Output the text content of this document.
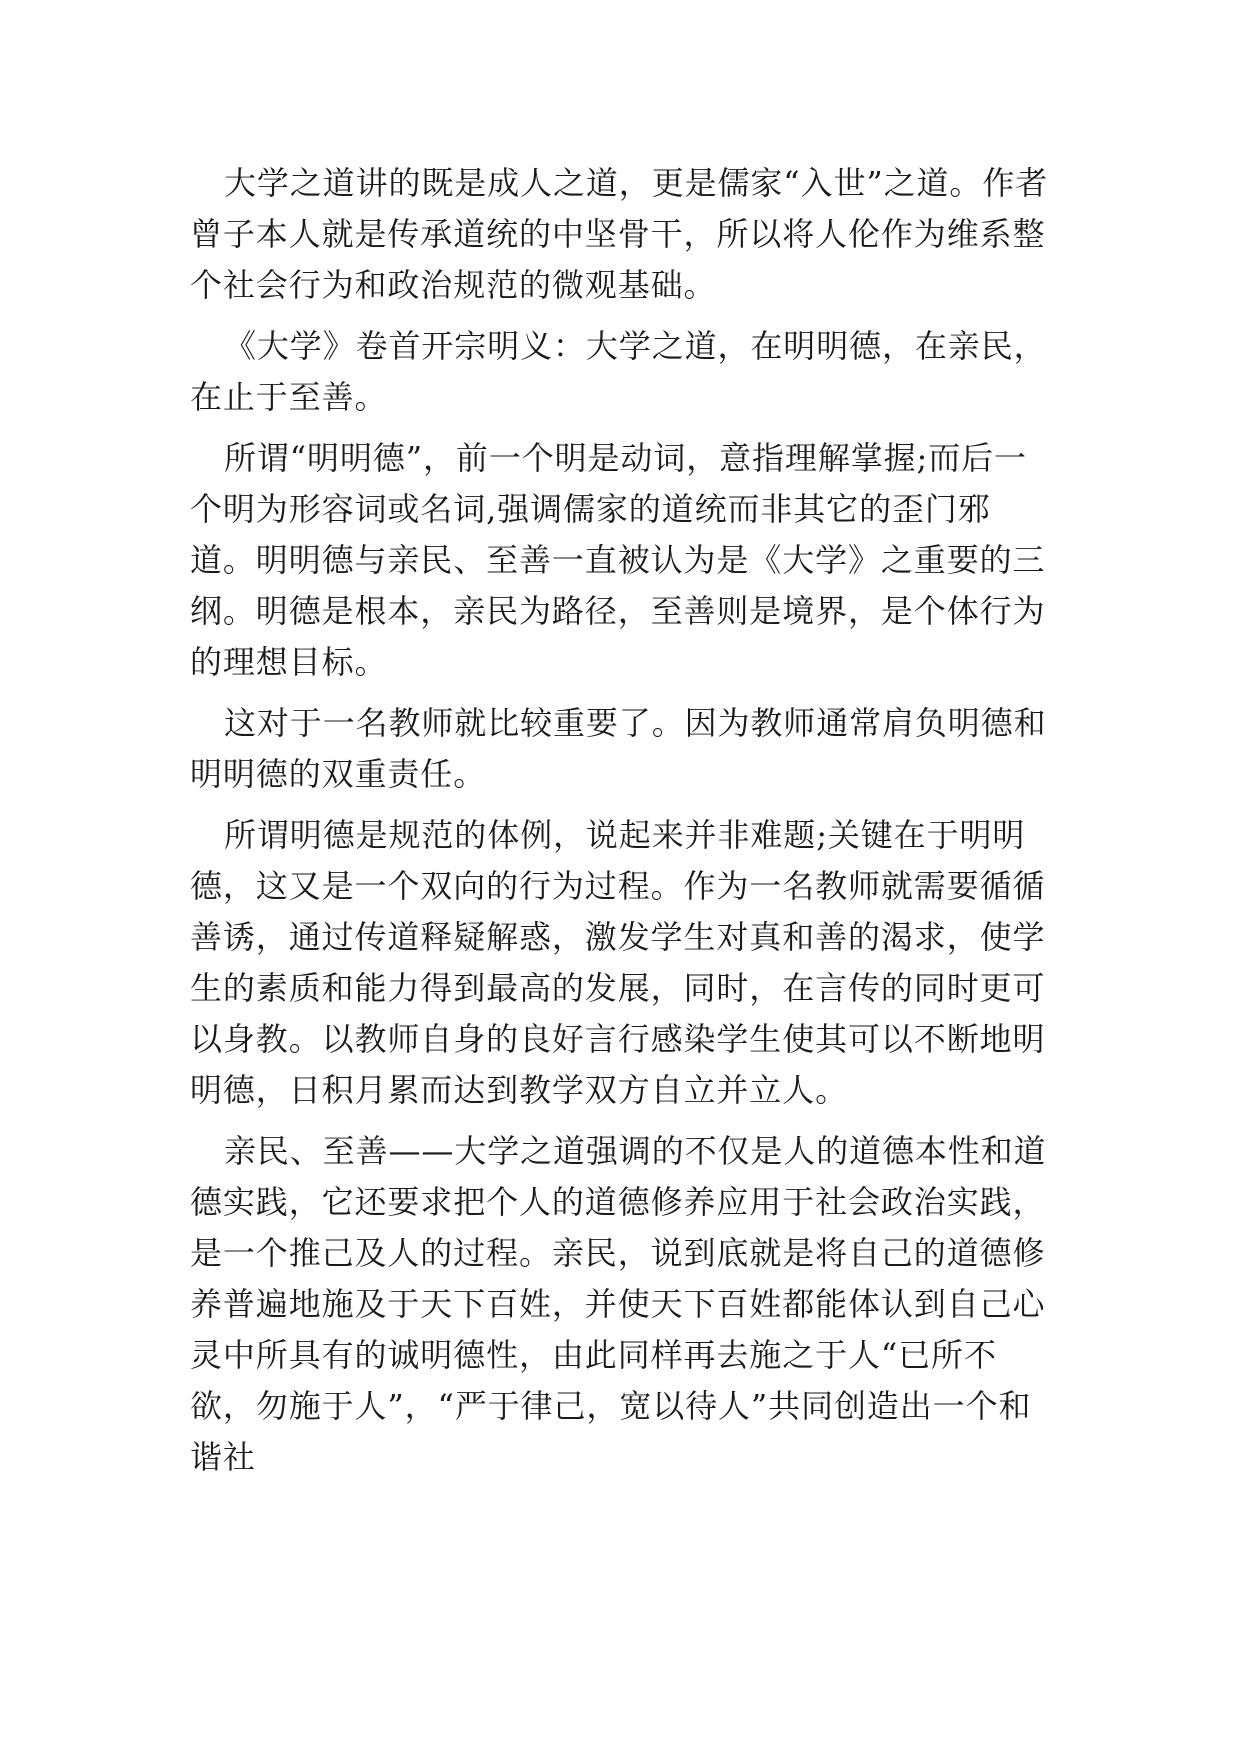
大学之道讲的既是成人之道，更是儒家“入世”之道。作者曾子本人就是传承道统的中坚骨干，所以将人伦作为维系整个社会行为和政治规范的微观基础。

《大学》卷首开宗明义：大学之道，在明明德，在亲民，在止于至善。

所谓“明明德”，前一个明是动词，意指理解掌握;而后一个明为形容词或名词,强调儒家的道统而非其它的歪门邪道。明明德与亲民、至善一直被认为是《大学》之重要的三纲。明德是根本，亲民为路径，至善则是境界，是个体行为的理想目标。

这对于一名教师就比较重要了。因为教师通常肩负明德和明明德的双重责任。

所谓明德是规范的体例，说起来并非难题;关键在于明明德，这又是一个双向的行为过程。作为一名教师就需要循循善诱，通过传道释疑解惑，激发学生对真和善的渴求，使学生的素质和能力得到最高的发展，同时，在言传的同时更可以身教。以教师自身的良好言行感染学生使其可以不断地明明德，日积月累而达到教学双方自立并立人。

亲民、至善——大学之道强调的不仅是人的道德本性和道德实践，它还要求把个人的道德修养应用于社会政治实践，是一个推己及人的过程。亲民，说到底就是将自己的道德修养普遍地施及于天下百姓，并使天下百姓都能体认到自己心灵中所具有的诚明德性，由此同样再去施之于人“已所不欲，勿施于人”，“严于律己，宽以待人”共同创造出一个和谐社
